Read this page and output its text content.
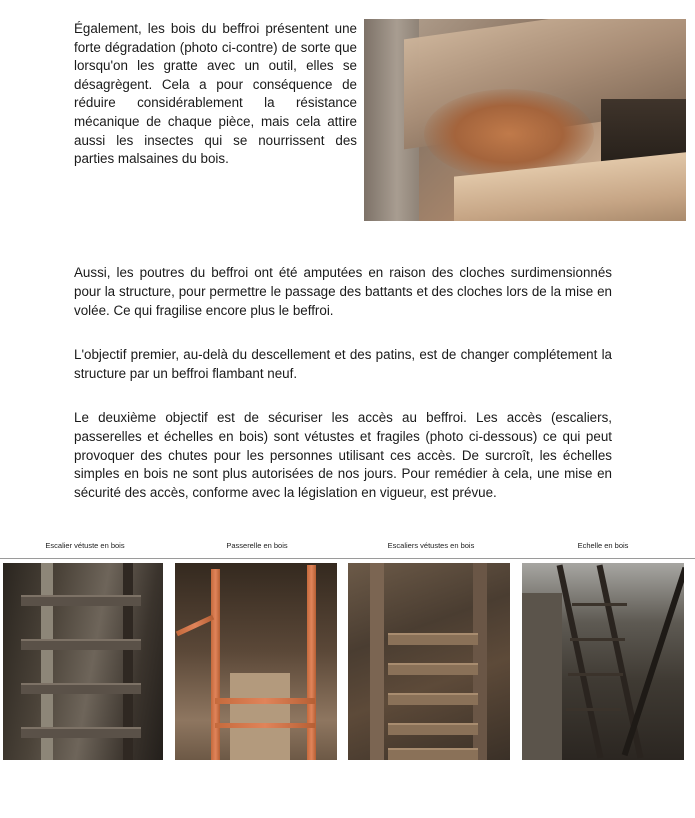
Également, les bois du beffroi présentent une forte dégradation (photo ci-contre) de sorte que lorsqu'on les gratte avec un outil, elles se désagrègent. Cela a pour conséquence de réduire considérablement la résistance mécanique de chaque pièce, mais cela attire aussi les insectes qui se nourrissent des parties malsaines du bois.

Aussi, les poutres du beffroi ont été amputées en raison des cloches surdimensionnés pour la structure, pour permettre le passage des battants et des cloches lors de la mise en volée. Ce qui fragilise encore plus le beffroi.

L'objectif premier, au-delà du descellement et des patins, est de changer complétement la structure par un beffroi flambant neuf.

Le deuxième objectif est de sécuriser les accès au beffroi. Les accès (escaliers, passerelles et échelles en bois) sont vétustes et fragiles (photo ci-dessous) ce qui peut provoquer des chutes pour les personnes utilisant ces accès. De surcroît, les échelles simples en bois ne sont plus autorisées de nos jours. Pour remédier à cela, une mise en sécurité des accès, conforme avec la législation en vigueur, est prévue.

Escalier vétuste en bois	Passerelle en bois	Escaliers vétustes en bois	Echelle en bois
